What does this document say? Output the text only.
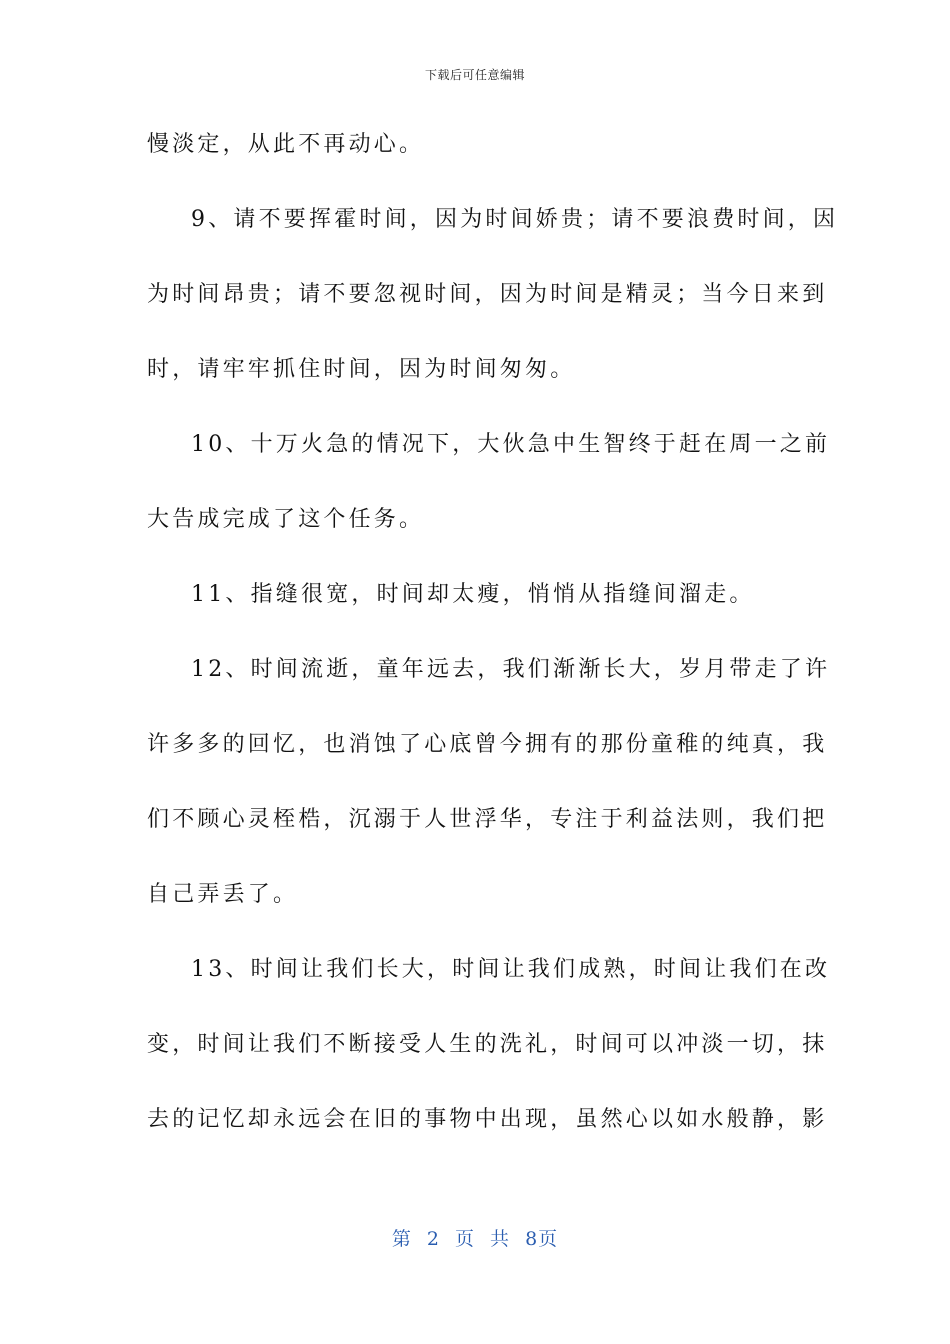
下载后可任意编辑
慢淡定，从此不再动心。
9、请不要挥霍时间，因为时间娇贵；请不要浪费时间，因
为时间昂贵；请不要忽视时间，因为时间是精灵；当今日来到
时，请牢牢抓住时间，因为时间匆匆。
10、十万火急的情况下，大伙急中生智终于赶在周一之前
大告成完成了这个任务。
11、指缝很宽，时间却太瘦，悄悄从指缝间溜走。
12、时间流逝，童年远去，我们渐渐长大，岁月带走了许
许多多的回忆，也消蚀了心底曾今拥有的那份童稚的纯真，我
们不顾心灵桎梏，沉溺于人世浮华，专注于利益法则，我们把
自己弄丢了。
13、时间让我们长大，时间让我们成熟，时间让我们在改
变，时间让我们不断接受人生的洗礼，时间可以冲淡一切，抹
去的记忆却永远会在旧的事物中出现，虽然心以如水般静，影
第 2 页 共 8页
